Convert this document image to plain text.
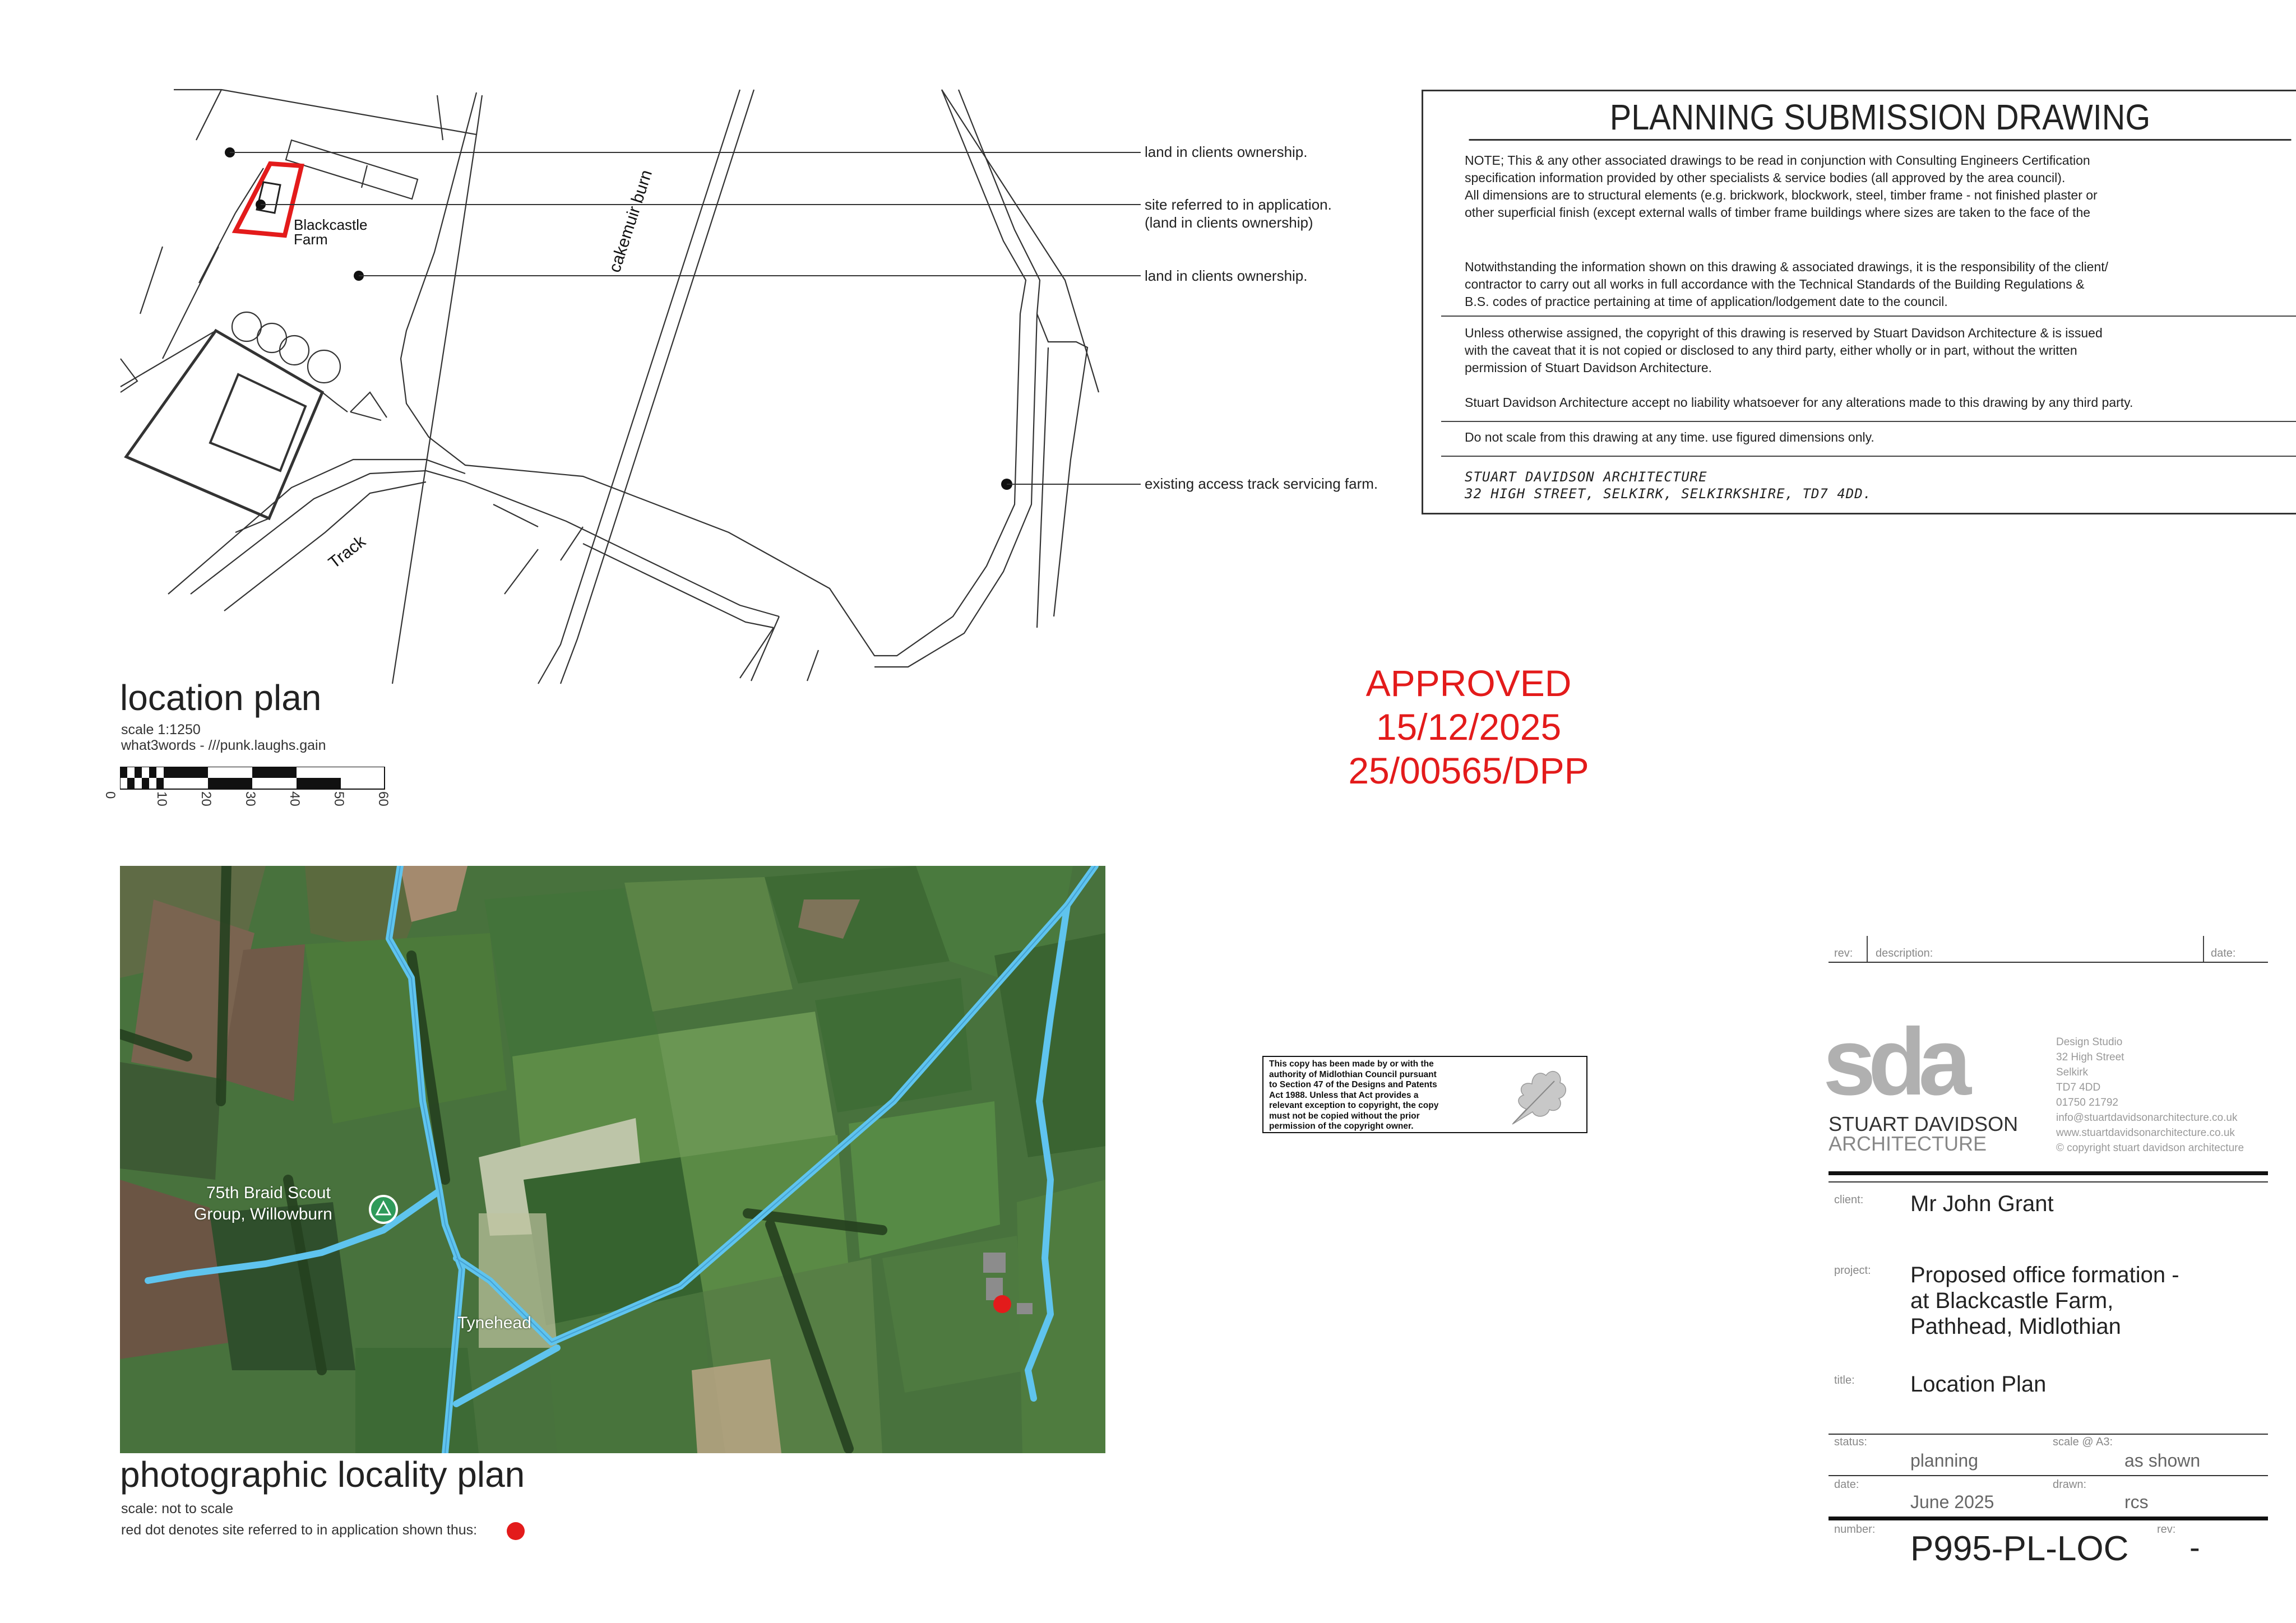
Blackcastle
Farm	cakemuir burn
Track
land in clients ownership.
site referred to in application.
(land in clients ownership)
land in clients ownership.
existing access track servicing farm.
location plan
scale 1:1250
what3words - ///punk.laughs.gain
0	10 20 30 40 50 60
PLANNING SUBMISSION DRAWING
NOTE; This & any other associated drawings to be read in conjunction with Consulting Engineers Certification
specification information provided by other specialists & service bodies (all approved by the area council).
All dimensions are to structural elements (e.g. brickwork, blockwork, steel, timber frame - not finished plaster or
other superficial finish (except external walls of timber frame buildings where sizes are taken to the face of the
Notwithstanding the information shown on this drawing & associated drawings, it is the responsibility of the client/
contractor to carry out all works in full accordance with the Technical Standards of the Building Regulations &
B.S. codes of practice pertaining at time of application/lodgement date to the council.
Unless otherwise assigned, the copyright of this drawing is reserved by Stuart Davidson Architecture & is issued
with the caveat that it is not copied or disclosed to any third party, either wholly or in part, without the written
permission of Stuart Davidson Architecture.
Stuart Davidson Architecture accept no liability whatsoever for any alterations made to this drawing by any third party.
Do not scale from this drawing at any time. use figured dimensions only.
STUART DAVIDSON ARCHITECTURE
32 HIGH STREET, SELKIRK, SELKIRKSHIRE, TD7 4DD.
APPROVED
15/12/2025
25/00565/DPP
This copy has been made by or with the
authority of Midlothian Council pursuant
to Section 47 of the Designs and Patents
Act 1988. Unless that Act provides a
relevant exception to copyright, the copy
must not be copied without the prior
permission of the copyright owner.
75th Braid Scout
Group, Willowburn
Tynehead
photographic locality plan
scale: not to scale
red dot denotes site referred to in application shown thus:
rev: description:	date:
sda
STUART DAVIDSON
ARCHITECTURE
Design Studio
32 High Street
Selkirk
TD7 4DD
01750 21792
info@stuartdavidsonarchitecture.co.uk
www.stuartdavidsonarchitecture.co.uk
© copyright stuart davidson architecture
client: Mr John Grant
project: Proposed office formation -
at Blackcastle Farm,
Pathhead, Midlothian
title: Location Plan
status:
planning
scale @ A3:
as shown
date:
June 2025
drawn:
rcs
number: P995-PL-LOC	rev: -
